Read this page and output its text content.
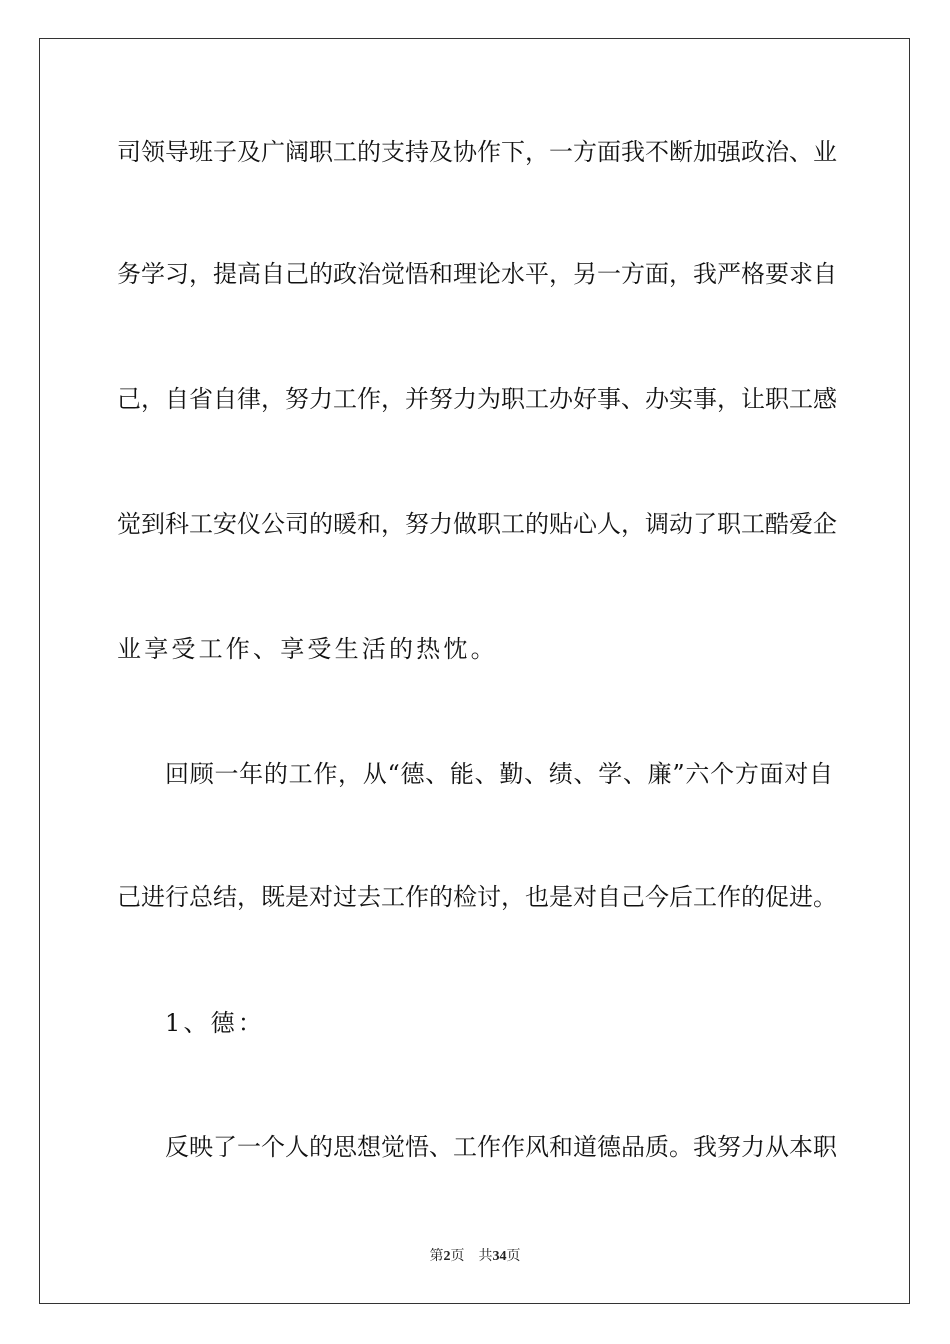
司领导班子及广阔职工的支持及协作下，一方面我不断加强政治、业
务学习，提高自己的政治觉悟和理论水平，另一方面，我严格要求自
己，自省自律，努力工作，并努力为职工办好事、办实事，让职工感
觉到科工安仪公司的暖和，努力做职工的贴心人，调动了职工酷爱企
业享受工作、享受生活的热忱。
回顾一年的工作，从“德、能、勤、绩、学、廉”六个方面对自
己进行总结，既是对过去工作的检讨，也是对自己今后工作的促进。
1、德：
反映了一个人的思想觉悟、工作作风和道德品质。我努力从本职
第2页 共34页
